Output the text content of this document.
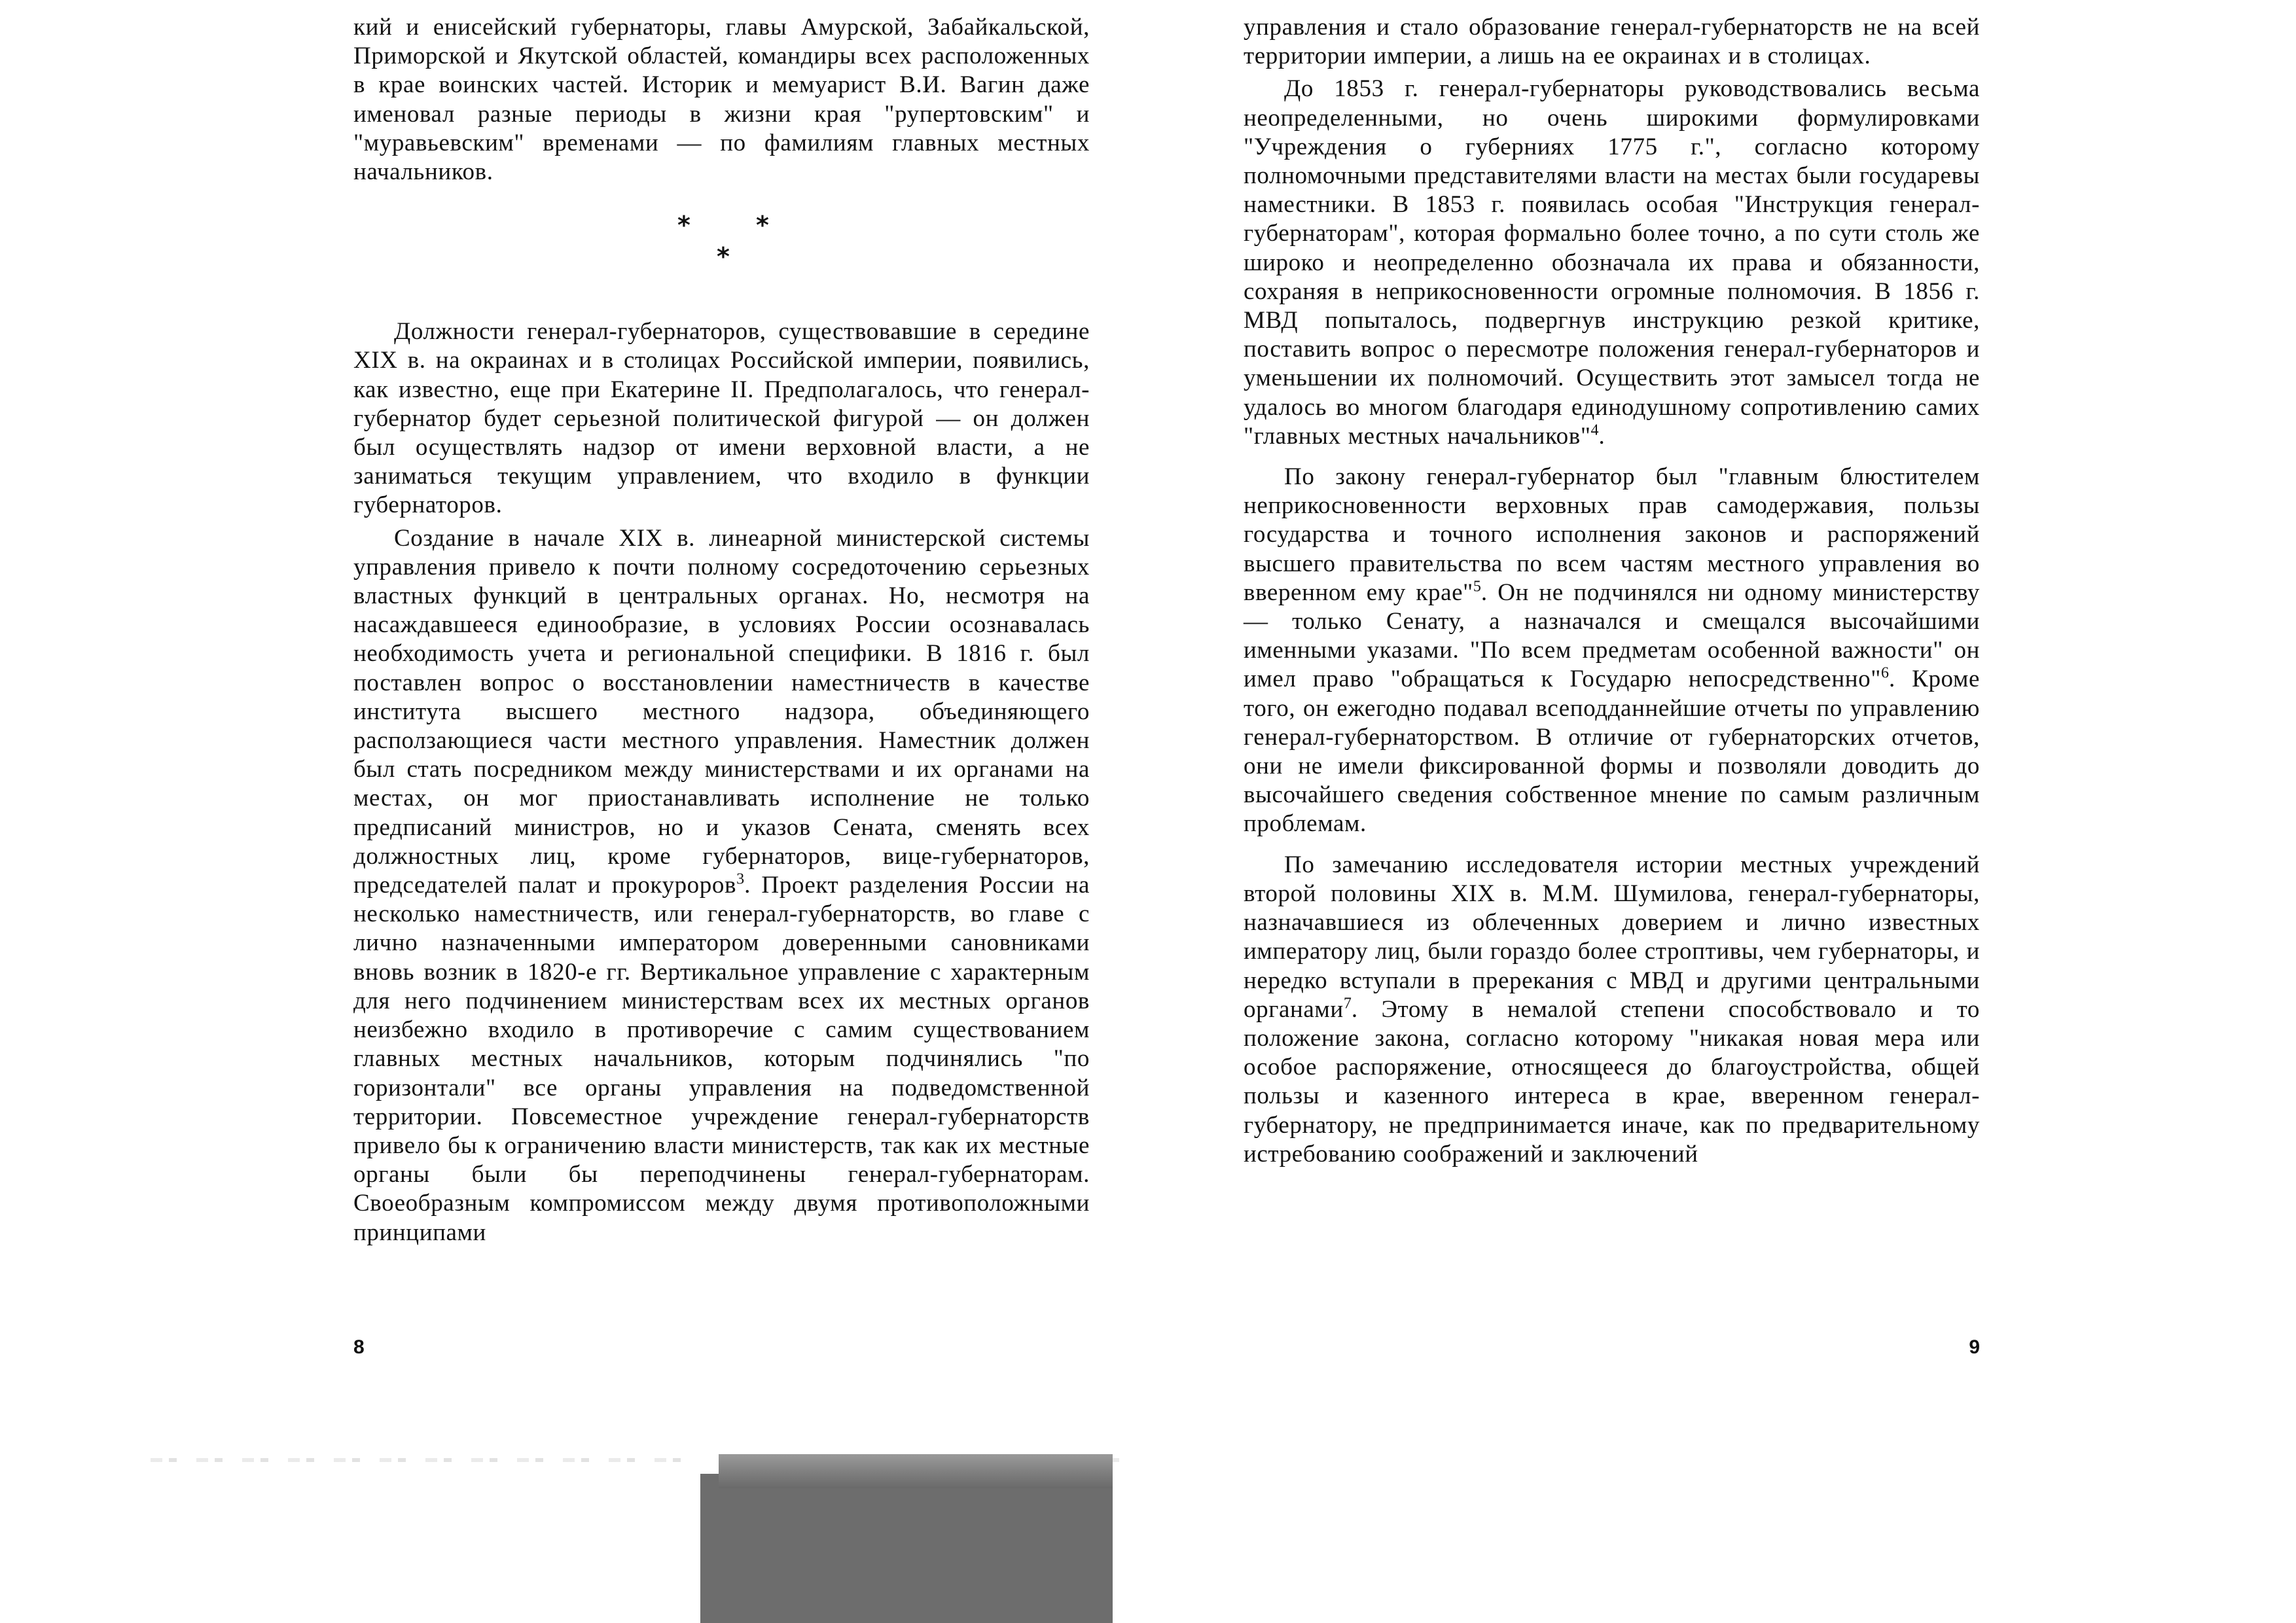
кий и енисейский губернаторы, главы Амурской, Забайкальской, Приморской и Якутской областей, командиры всех расположенных в крае воинских частей. Историк и мемуарист В.И. Вагин даже именовал разные периоды в жизни края "рупертовским" и "муравьевским" временами — по фамилиям главных местных начальников.

*	*
*

Должности генерал-губернаторов, существовавшие в середине XIX в. на окраинах и в столицах Российской империи, появились, как известно, еще при Екатерине II. Предполагалось, что генерал-губернатор будет серьезной политической фигурой — он должен был осуществлять надзор от имени верховной власти, а не заниматься текущим управлением, что входило в функции губернаторов.

Создание в начале XIX в. линеарной министерской системы управления привело к почти полному сосредоточению серьезных властных функций в центральных органах. Но, несмотря на насаждавшееся единообразие, в условиях России осознавалась необходимость учета и региональной специфики. В 1816 г. был поставлен вопрос о восстановлении наместничеств в качестве института высшего местного надзора, объединяющего расползающиеся части местного управления. Наместник должен был стать посредником между министерствами и их органами на местах, он мог приостанавливать исполнение не только предписаний министров, но и указов Сената, сменять всех должностных лиц, кроме губернаторов, вице-губернаторов, председателей палат и прокуроров$^3$. Проект разделения России на несколько наместничеств, или генерал-губернаторств, во главе с лично назначенными императором доверенными сановниками вновь возник в 1820-е гг. Вертикальное управление с характерным для него подчинением министерствам всех их местных органов неизбежно входило в противоречие с самим существованием главных местных начальников, которым подчинялись "по горизонтали" все органы управления на подведомственной территории. Повсеместное учреждение генерал-губернаторств привело бы к ограничению власти министерств, так как их местные органы были бы переподчинены генерал-губернаторам. Своеобразным компромиссом между двумя противоположными принципами

8

управления и стало образование генерал-губернаторств не на всей территории империи, а лишь на ее окраинах и в столицах.

До 1853 г. генерал-губернаторы руководствовались весьма неопределенными, но очень широкими формулировками "Учреждения о губерниях 1775 г.", согласно которому полномочными представителями власти на местах были государевы наместники. В 1853 г. появилась особая "Инструкция генерал-губернаторам", которая формально более точно, а по сути столь же широко и неопределенно обозначала их права и обязанности, сохраняя в неприкосновенности огромные полномочия. В 1856 г. МВД попыталось, подвергнув инструкцию резкой критике, поставить вопрос о пересмотре положения генерал-губернаторов и уменьшении их полномочий. Осуществить этот замысел тогда не удалось во многом благодаря единодушному сопротивлению самих "главных местных начальников"$^4$.

По закону генерал-губернатор был "главным блюстителем неприкосновенности верховных прав самодержавия, пользы государства и точного исполнения законов и распоряжений высшего правительства по всем частям местного управления во вверенном ему крае"$^5$. Он не подчинялся ни одному министерству — только Сенату, а назначался и смещался высочайшими именными указами. "По всем предметам особенной важности" он имел право "обращаться к Государю непосредственно"$^6$. Кроме того, он ежегодно подавал всеподданнейшие отчеты по управлению генерал-губернаторством. В отличие от губернаторских отчетов, они не имели фиксированной формы и позволяли доводить до высочайшего сведения собственное мнение по самым различным проблемам.

По замечанию исследователя истории местных учреждений второй половины XIX в. М.М. Шумилова, генерал-губернаторы, назначавшиеся из облеченных доверием и лично известных императору лиц, были гораздо более строптивы, чем губернаторы, и нередко вступали в пререкания с МВД и другими центральными органами$^7$. Этому в немалой степени способствовало и то положение закона, согласно которому "никакая новая мера или особое распоряжение, относящееся до благоустройства, общей пользы и казенного интереса в крае, вверенном генерал-губернатору, не предпринимается иначе, как по предварительному истребованию соображений и заключений

9
